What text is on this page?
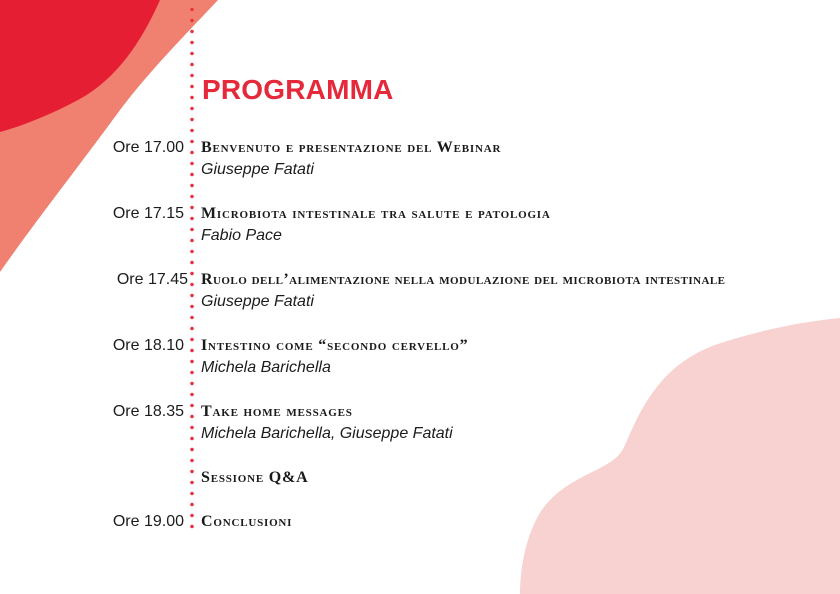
PROGRAMMA
Ore 17.00 Benvenuto e presentazione del Webinar
Giuseppe Fatati
Ore 17.15 Microbiota intestinale tra salute e patologia
Fabio Pace
Ore 17.45 Ruolo dell’alimentazione nella modulazione del microbiota intestinale
Giuseppe Fatati
Ore 18.10 Intestino come “secondo cervello”
Michela Barichella
Ore 18.35 Take home messages
Michela Barichella, Giuseppe Fatati
Sessione Q&A
Ore 19.00 Conclusioni
